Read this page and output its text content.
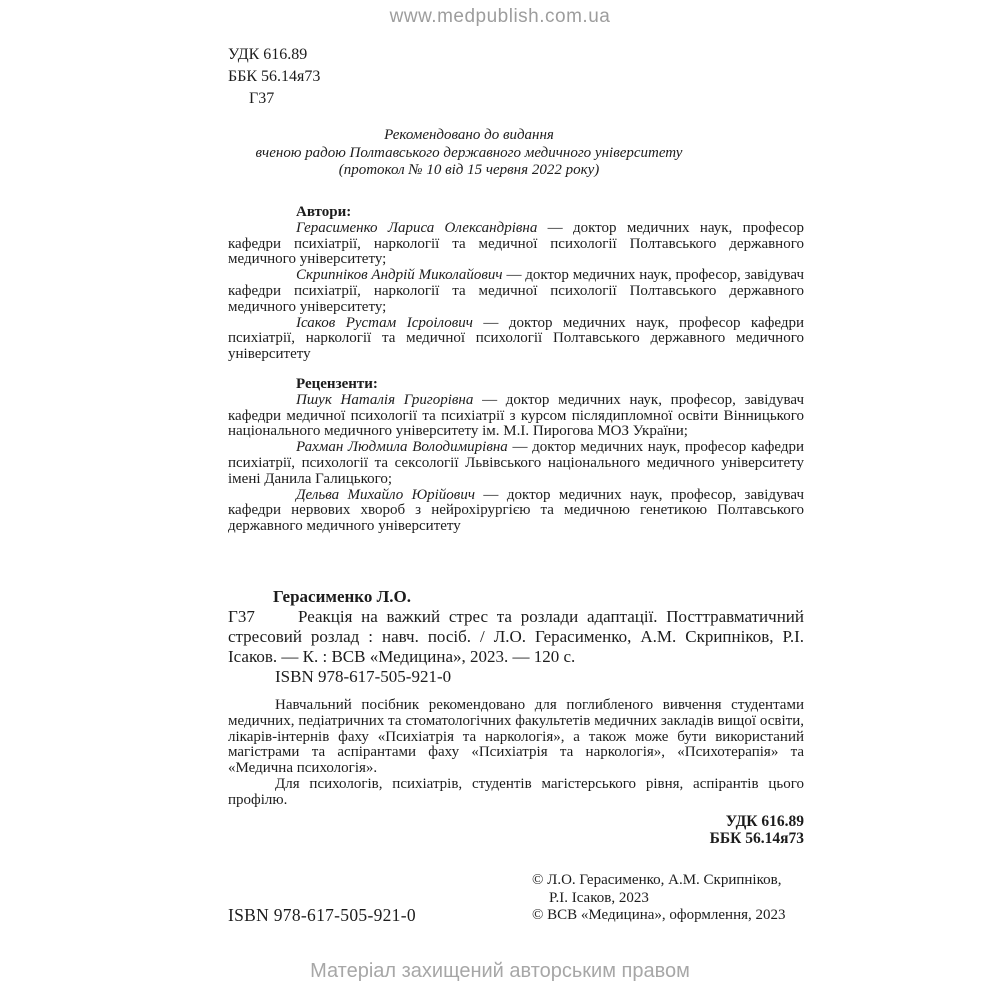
www.medpublish.com.ua
УДК 616.89
ББК 56.14я73
Г37
Рекомендовано до видання
вченою радою Полтавського державного медичного університету
(протокол № 10 від 15 червня 2022 року)
Автори:

Герасименко Лариса Олександрівна — доктор медичних наук, професор кафедри психіатрії, наркології та медичної психології Полтавського державного медичного університету;

Скрипніков Андрій Миколайович — доктор медичних наук, професор, завідувач кафедри психіатрії, наркології та медичної психології Полтавського державного медичного університету;

Ісаков Рустам Ісроілович — доктор медичних наук, професор кафедри психіатрії, наркології та медичної психології Полтавського державного медичного університету

Рецензенти:

Пшук Наталія Григорівна — доктор медичних наук, професор, завідувач кафедри медичної психології та психіатрії з курсом післядипломної освіти Вінницького національного медичного університету ім. М.І. Пирогова МОЗ України;

Рахман Людмила Володимирівна — доктор медичних наук, професор кафедри психіатрії, психології та сексології Львівського національного медичного університету імені Данила Галицького;

Дельва Михайло Юрійович — доктор медичних наук, професор, завідувач кафедри нервових хвороб з нейрохірургією та медичною генетикою Полтавського державного медичного університету

Герасименко Л.О.
Г37	Реакція на важкий стрес та розлади адаптації. Посттравматичний стресовий розлад : навч. посіб. / Л.О. Герасименко, А.М. Скрипніков, Р.І. Ісаков. — К. : ВСВ «Медицина», 2023. — 120 с.

ISBN 978-617-505-921-0

Навчальний посібник рекомендовано для поглибленого вивчення студентами медичних, педіатричних та стоматологічних факультетів медичних закладів вищої освіти, лікарів-інтернів фаху «Психіатрія та наркологія», а також може бути використаний магістрами та аспірантами фаху «Психіатрія та наркологія», «Психотерапія» та «Медична психологія».

Для психологів, психіатрів, студентів магістерського рівня, аспірантів цього профілю.

УДК 616.89
ББК 56.14я73
ISBN 978-617-505-921-0
© Л.О. Герасименко, А.М. Скрипніков,
Р.І. Ісаков, 2023
© ВСВ «Медицина», оформлення, 2023
Матеріал захищений авторським правом
